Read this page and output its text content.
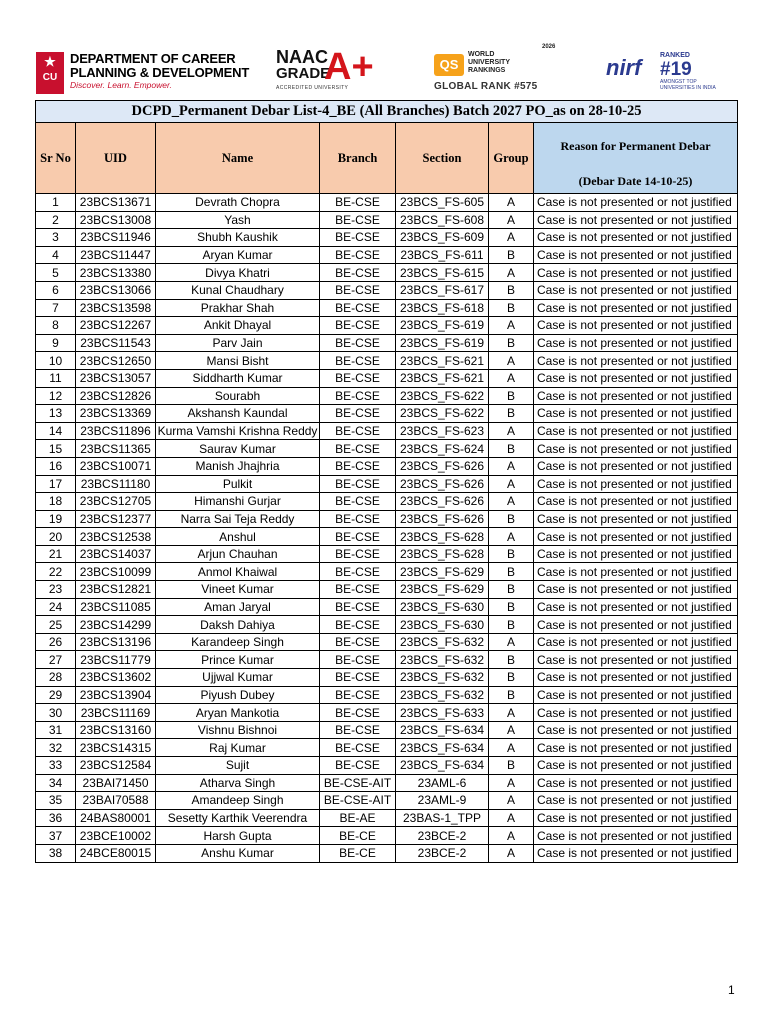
★
CU
DEPARTMENT OF CAREER
PLANNING & DEVELOPMENT
Discover. Learn. Empower.
NAAC
GRADE
A+
ACCREDITED UNIVERSITY
QS
WORLD
UNIVERSITY
RANKINGS
2026
GLOBAL RANK #575
nirf	RANKED
#19
AMONGST TOP UNIVERSITIES IN INDIA
DCPD_Permanent Debar List-4_BE (All Branches) Batch 2027 PO_as on 28-10-25						
Sr No	UID	Name	Branch	Section	Group	Reason for Permanent Debar
(Debar Date 14-10-25)

1	23BCS13671	Devrath Chopra	BE-CSE	23BCS_FS-605	A	Case is not presented or not justified
2	23BCS13008	Yash	BE-CSE	23BCS_FS-608	A	Case is not presented or not justified
3	23BCS11946	Shubh Kaushik	BE-CSE	23BCS_FS-609	A	Case is not presented or not justified
4	23BCS11447	Aryan Kumar	BE-CSE	23BCS_FS-611	B	Case is not presented or not justified
5	23BCS13380	Divya Khatri	BE-CSE	23BCS_FS-615	A	Case is not presented or not justified
6	23BCS13066	Kunal Chaudhary	BE-CSE	23BCS_FS-617	B	Case is not presented or not justified
7	23BCS13598	Prakhar Shah	BE-CSE	23BCS_FS-618	B	Case is not presented or not justified
8	23BCS12267	Ankit Dhayal	BE-CSE	23BCS_FS-619	A	Case is not presented or not justified
9	23BCS11543	Parv Jain	BE-CSE	23BCS_FS-619	B	Case is not presented or not justified
10	23BCS12650	Mansi Bisht	BE-CSE	23BCS_FS-621	A	Case is not presented or not justified
11	23BCS13057	Siddharth Kumar	BE-CSE	23BCS_FS-621	A	Case is not presented or not justified
12	23BCS12826	Sourabh	BE-CSE	23BCS_FS-622	B	Case is not presented or not justified
13	23BCS13369	Akshansh Kaundal	BE-CSE	23BCS_FS-622	B	Case is not presented or not justified
14	23BCS11896	Kurma Vamshi Krishna Reddy	BE-CSE	23BCS_FS-623	A	Case is not presented or not justified
15	23BCS11365	Saurav Kumar	BE-CSE	23BCS_FS-624	B	Case is not presented or not justified
16	23BCS10071	Manish Jhajhria	BE-CSE	23BCS_FS-626	A	Case is not presented or not justified
17	23BCS11180	Pulkit	BE-CSE	23BCS_FS-626	A	Case is not presented or not justified
18	23BCS12705	Himanshi Gurjar	BE-CSE	23BCS_FS-626	A	Case is not presented or not justified
19	23BCS12377	Narra Sai Teja Reddy	BE-CSE	23BCS_FS-626	B	Case is not presented or not justified
20	23BCS12538	Anshul	BE-CSE	23BCS_FS-628	A	Case is not presented or not justified
21	23BCS14037	Arjun Chauhan	BE-CSE	23BCS_FS-628	B	Case is not presented or not justified
22	23BCS10099	Anmol Khaiwal	BE-CSE	23BCS_FS-629	B	Case is not presented or not justified
23	23BCS12821	Vineet Kumar	BE-CSE	23BCS_FS-629	B	Case is not presented or not justified
24	23BCS11085	Aman Jaryal	BE-CSE	23BCS_FS-630	B	Case is not presented or not justified
25	23BCS14299	Daksh Dahiya	BE-CSE	23BCS_FS-630	B	Case is not presented or not justified
26	23BCS13196	Karandeep Singh	BE-CSE	23BCS_FS-632	A	Case is not presented or not justified
27	23BCS11779	Prince Kumar	BE-CSE	23BCS_FS-632	B	Case is not presented or not justified
28	23BCS13602	Ujjwal Kumar	BE-CSE	23BCS_FS-632	B	Case is not presented or not justified
29	23BCS13904	Piyush Dubey	BE-CSE	23BCS_FS-632	B	Case is not presented or not justified
30	23BCS11169	Aryan Mankotia	BE-CSE	23BCS_FS-633	A	Case is not presented or not justified
31	23BCS13160	Vishnu Bishnoi	BE-CSE	23BCS_FS-634	A	Case is not presented or not justified
32	23BCS14315	Raj Kumar	BE-CSE	23BCS_FS-634	A	Case is not presented or not justified
33	23BCS12584	Sujit	BE-CSE	23BCS_FS-634	B	Case is not presented or not justified
34	23BAI71450	Atharva Singh	BE-CSE-AIT	23AML-6	A	Case is not presented or not justified
35	23BAI70588	Amandeep Singh	BE-CSE-AIT	23AML-9	A	Case is not presented or not justified
36	24BAS80001	Sesetty Karthik Veerendra	BE-AE	23BAS-1_TPP	A	Case is not presented or not justified
37	23BCE10002	Harsh Gupta	BE-CE	23BCE-2	A	Case is not presented or not justified
38	24BCE80015	Anshu Kumar	BE-CE	23BCE-2	A	Case is not presented or not justified
1
